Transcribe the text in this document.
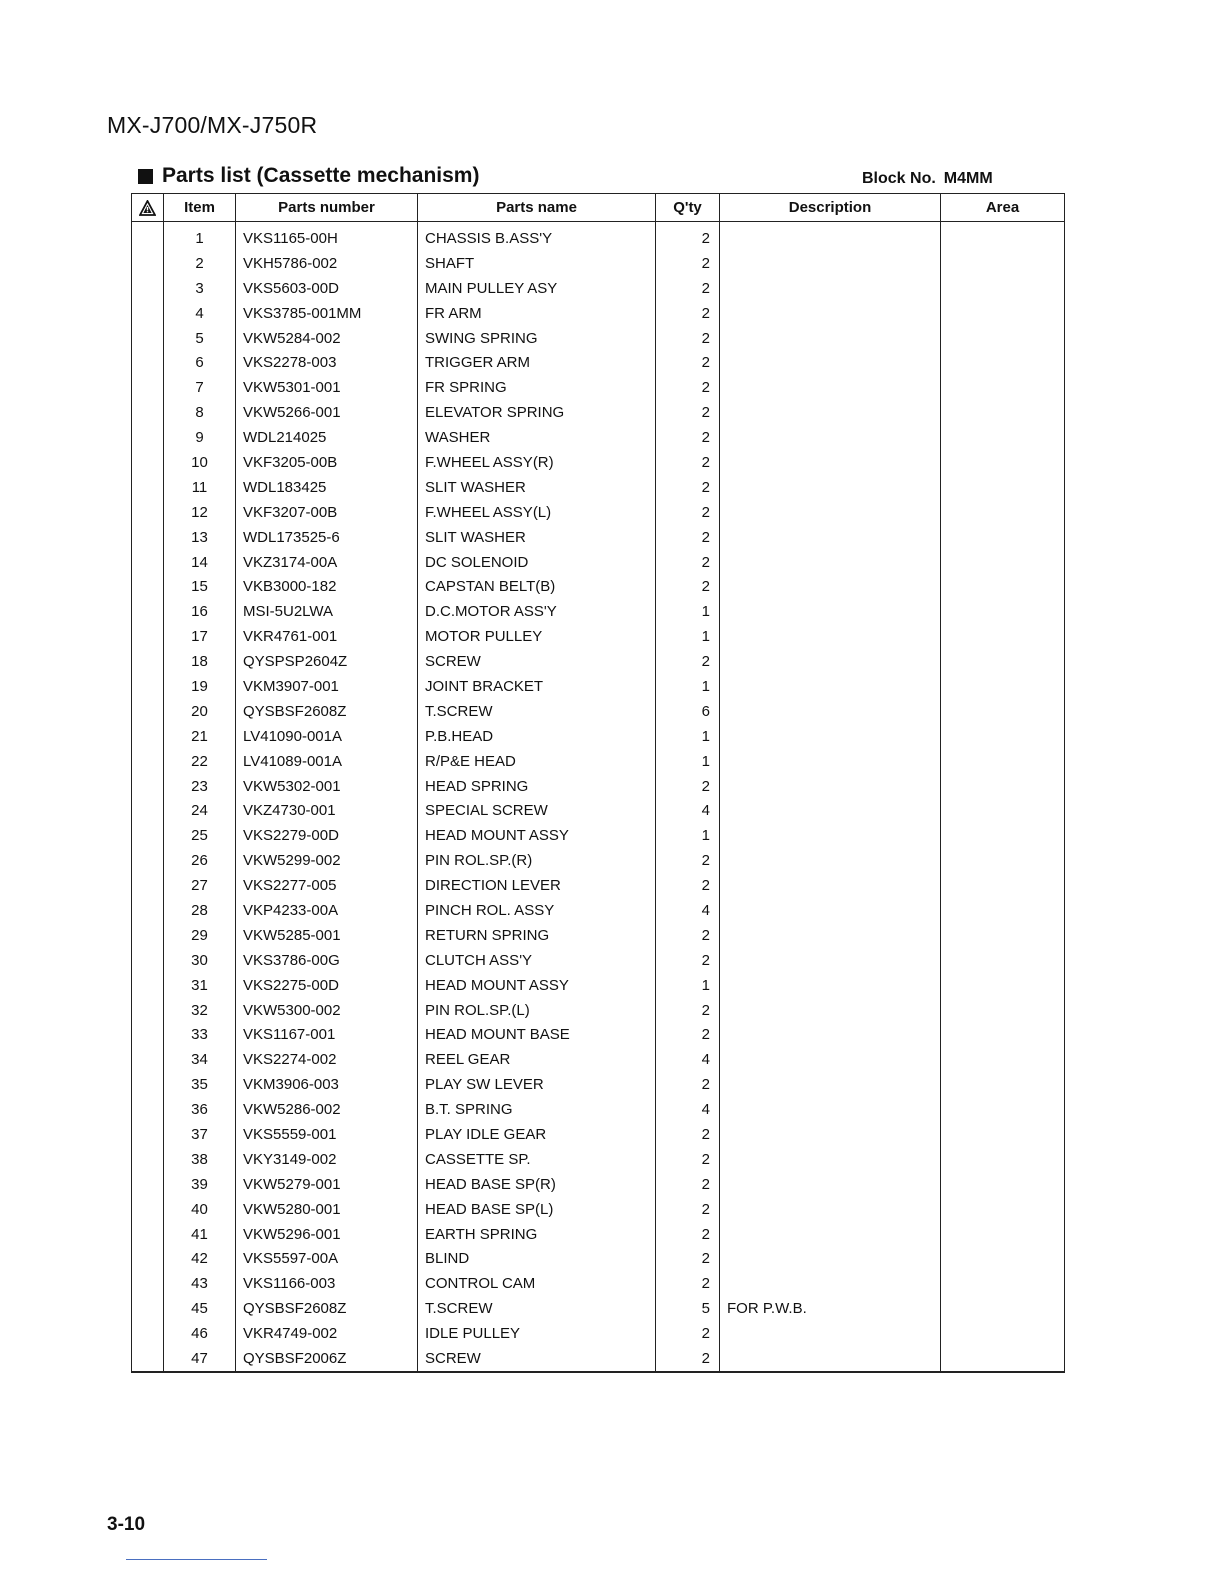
MX-J700/MX-J750R
Parts list (Cassette mechanism)	Block No. M4MM
	Item	Parts number	Parts name	Q'ty	Description	Area
	1	VKS1165-00H	CHASSIS B.ASS'Y	2		
	2	VKH5786-002	SHAFT	2		
	3	VKS5603-00D	MAIN PULLEY ASY	2		
	4	VKS3785-001MM	FR ARM	2		
	5	VKW5284-002	SWING SPRING	2		
	6	VKS2278-003	TRIGGER ARM	2		
	7	VKW5301-001	FR SPRING	2		
	8	VKW5266-001	ELEVATOR SPRING	2		
	9	WDL214025	WASHER	2		
	10	VKF3205-00B	F.WHEEL ASSY(R)	2		
	11	WDL183425	SLIT WASHER	2		
	12	VKF3207-00B	F.WHEEL ASSY(L)	2		
	13	WDL173525-6	SLIT WASHER	2		
	14	VKZ3174-00A	DC SOLENOID	2		
	15	VKB3000-182	CAPSTAN BELT(B)	2		
	16	MSI-5U2LWA	D.C.MOTOR ASS'Y	1		
	17	VKR4761-001	MOTOR PULLEY	1		
	18	QYSPSP2604Z	SCREW	2		
	19	VKM3907-001	JOINT BRACKET	1		
	20	QYSBSF2608Z	T.SCREW	6		
	21	LV41090-001A	P.B.HEAD	1		
	22	LV41089-001A	R/P&E HEAD	1		
	23	VKW5302-001	HEAD SPRING	2		
	24	VKZ4730-001	SPECIAL SCREW	4		
	25	VKS2279-00D	HEAD MOUNT ASSY	1		
	26	VKW5299-002	PIN ROL.SP.(R)	2		
	27	VKS2277-005	DIRECTION LEVER	2		
	28	VKP4233-00A	PINCH ROL. ASSY	4		
	29	VKW5285-001	RETURN SPRING	2		
	30	VKS3786-00G	CLUTCH ASS'Y	2		
	31	VKS2275-00D	HEAD MOUNT ASSY	1		
	32	VKW5300-002	PIN ROL.SP.(L)	2		
	33	VKS1167-001	HEAD MOUNT BASE	2		
	34	VKS2274-002	REEL GEAR	4		
	35	VKM3906-003	PLAY SW LEVER	2		
	36	VKW5286-002	B.T. SPRING	4		
	37	VKS5559-001	PLAY IDLE GEAR	2		
	38	VKY3149-002	CASSETTE SP.	2		
	39	VKW5279-001	HEAD BASE SP(R)	2		
	40	VKW5280-001	HEAD BASE SP(L)	2		
	41	VKW5296-001	EARTH SPRING	2		
	42	VKS5597-00A	BLIND	2		
	43	VKS1166-003	CONTROL CAM	2		
	45	QYSBSF2608Z	T.SCREW	5	FOR P.W.B.	
	46	VKR4749-002	IDLE PULLEY	2		
	47	QYSBSF2006Z	SCREW	2		
3-10
